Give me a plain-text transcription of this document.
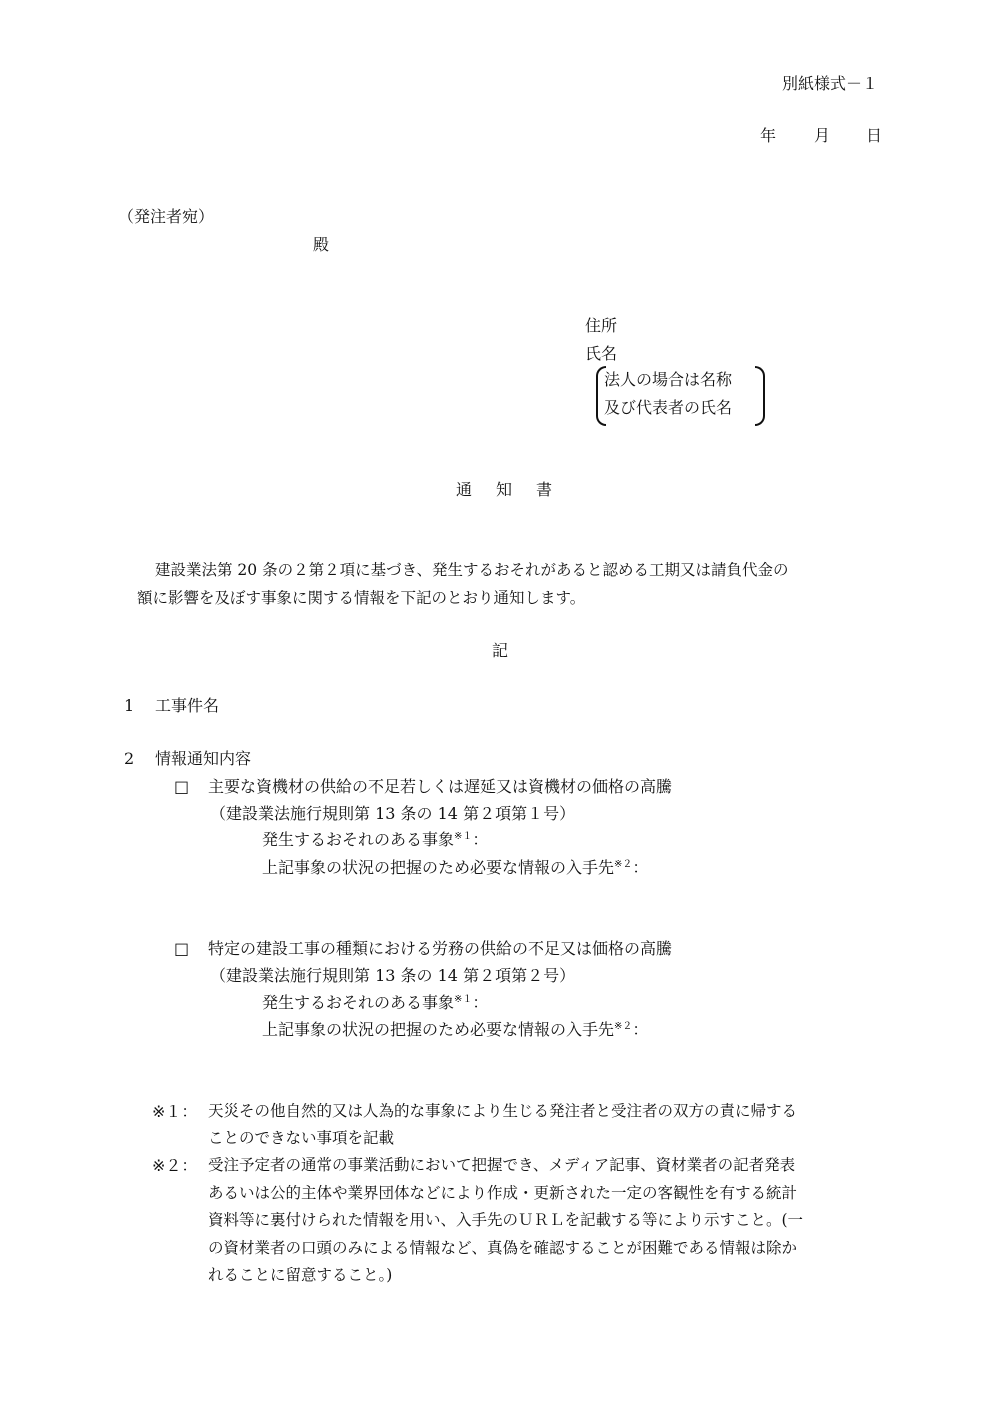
別紙様式－１
年 月 日
（発注者宛）
殿
住所
氏名
法人の場合は名称
及び代表者の氏名
通　知　書
建設業法第 20 条の２第２項に基づき、発生するおそれがあると認める工期又は請負代金の
額に影響を及ぼす事象に関する情報を下記のとおり通知します。
記
1 工事件名
2 情報通知内容
□ 主要な資機材の供給の不足若しくは遅延又は資機材の価格の高騰
（建設業法施行規則第 13 条の 14 第２項第１号）
発生するおそれのある事象$^{※1}$：
上記事象の状況の把握のため必要な情報の入手先$^{※2}$：
□ 特定の建設工事の種類における労務の供給の不足又は価格の高騰
（建設業法施行規則第 13 条の 14 第２項第２号）
発生するおそれのある事象$^{※1}$：
上記事象の状況の把握のため必要な情報の入手先$^{※2}$：
※１： 天災その他自然的又は人為的な事象により生じる発注者と受注者の双方の責に帰する
ことのできない事項を記載
※２： 受注予定者の通常の事業活動において把握でき、メディア記事、資材業者の記者発表
あるいは公的主体や業界団体などにより作成・更新された一定の客観性を有する統計
資料等に裏付けられた情報を用い、入手先のＵＲＬを記載する等により示すこと。(一
の資材業者の口頭のみによる情報など、真偽を確認することが困難である情報は除か
れることに留意すること。)
